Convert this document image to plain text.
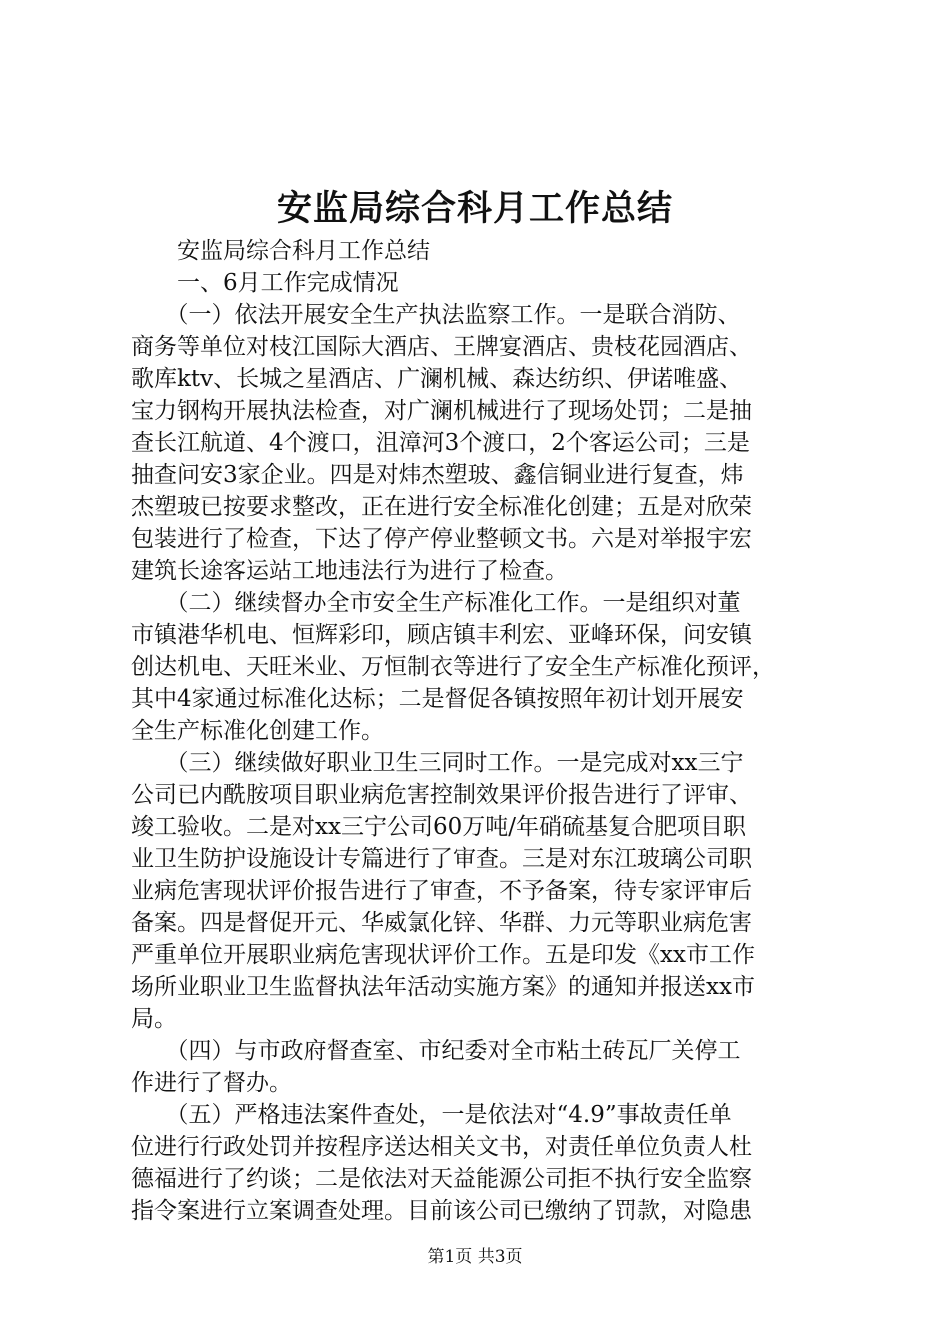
安监局综合科月工作总结
　　安监局综合科月工作总结
　　一、6月工作完成情况
　　（一）依法开展安全生产执法监察工作。一是联合消防、
商务等单位对枝江国际大酒店、王牌宴酒店、贵枝花园酒店、
歌库ktv、长城之星酒店、广澜机械、森达纺织、伊诺唯盛、
宝力钢构开展执法检查，对广澜机械进行了现场处罚；二是抽
查长江航道、4个渡口，沮漳河3个渡口，2个客运公司；三是
抽查问安3家企业。四是对炜杰塑玻、鑫信铜业进行复查，炜
杰塑玻已按要求整改，正在进行安全标准化创建；五是对欣荣
包装进行了检查，下达了停产停业整顿文书。六是对举报宇宏
建筑长途客运站工地违法行为进行了检查。
　　（二）继续督办全市安全生产标准化工作。一是组织对董
市镇港华机电、恒辉彩印，顾店镇丰利宏、亚峰环保，问安镇
创达机电、天旺米业、万恒制衣等进行了安全生产标准化预评，
其中4家通过标准化达标；二是督促各镇按照年初计划开展安
全生产标准化创建工作。
　　（三）继续做好职业卫生三同时工作。一是完成对xx三宁
公司已内酰胺项目职业病危害控制效果评价报告进行了评审、
竣工验收。二是对xx三宁公司60万吨/年硝硫基复合肥项目职
业卫生防护设施设计专篇进行了审查。三是对东江玻璃公司职
业病危害现状评价报告进行了审查，不予备案，待专家评审后
备案。四是督促开元、华威氯化锌、华群、力元等职业病危害
严重单位开展职业病危害现状评价工作。五是印发《xx市工作
场所业职业卫生监督执法年活动实施方案》的通知并报送xx市
局。
　　（四）与市政府督查室、市纪委对全市粘土砖瓦厂关停工
作进行了督办。
　　（五）严格违法案件查处，一是依法对“4.9”事故责任单
位进行行政处罚并按程序送达相关文书，对责任单位负责人杜
德福进行了约谈；二是依法对天益能源公司拒不执行安全监察
指令案进行立案调查处理。目前该公司已缴纳了罚款，对隐患
第1页 共3页
